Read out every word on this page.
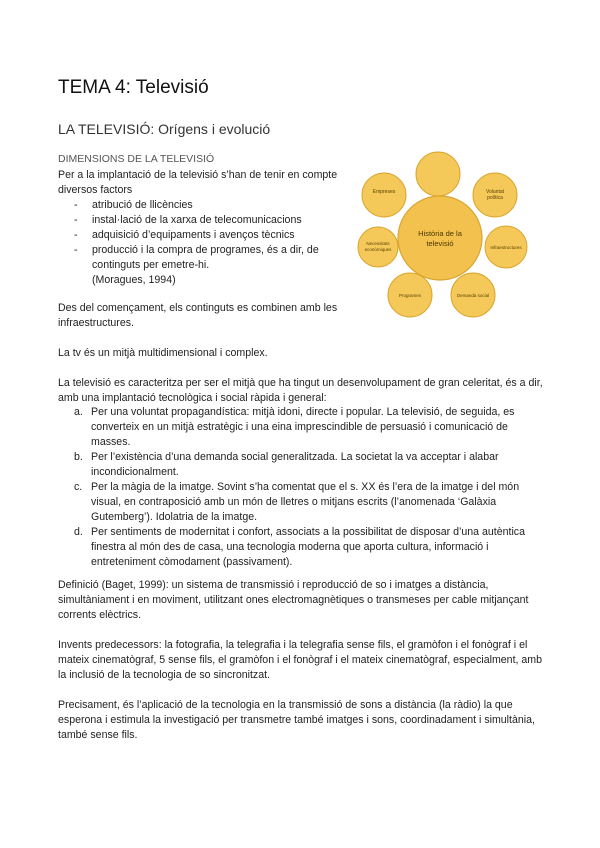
TEMA 4: Televisió
LA TELEVISIÓ: Orígens i evolució
DIMENSIONS DE LA TELEVISIÓ
Per a la implantació de la televisió s’han de tenir en compte diversos factors
- atribució de llicències
- instal·lació de la xarxa de telecomunicacions
- adquisició d’equipaments i avenços tècnics
- producció i la compra de programes, és a dir, de continguts per emetre-hi.
(Moragues, 1994)
Des del començament, els continguts es combinen amb les infraestructures.
La tv és un mitjà multidimensional i complex.
La televisió es caracteritza per ser el mitjà que ha tingut un desenvolupament de gran celeritat, és a dir, amb una implantació tecnològica i social ràpida i general:
a. Per una voluntat propagandística: mitjà idoni, directe i popular. La televisió, de seguida, es converteix en un mitjà estratègic i una eina imprescindible de persuasió i comunicació de masses.
b. Per l’existència d’una demanda social generalitzada. La societat la va acceptar i alabar incondicionalment.
c. Per la màgia de la imatge. Sovint s’ha comentat que el s. XX és l’era de la imatge i del món visual, en contraposició amb un món de lletres o mitjans escrits (l’anomenada ‘Galàxia Gutemberg’). Idolatria de la imatge.
d. Per sentiments de modernitat i confort, associats a la possibilitat de disposar d’una autèntica finestra al món des de casa, una tecnologia moderna que aporta cultura, informació i entreteniment còmodament (passivament).
Definició (Baget, 1999): un sistema de transmissió i reproducció de so i imatges a distància, simultàniament i en moviment, utilitzant ones electromagnètiques o transmeses per cable mitjançant corrents elèctrics.
Invents predecessors: la fotografia, la telegrafia i la telegrafia sense fils, el gramòfon i el fonògraf i el mateix cinematògraf, 5 sense fils, el gramòfon i el fonògraf i el mateix cinematògraf, especialment, amb la inclusió de la tecnologia de so sincronitzat.
Precisament, és l’aplicació de la tecnologia en la transmissió de sons a distància (la ràdio) la que esperona i estimula la investigació per transmetre també imatges i sons, coordinadament i simultània, també sense fils.
Voluntat
política
Infraestructures
Demanda social
Programes
Necessitats
econòmiques
Empreses
Història de la
televisió
